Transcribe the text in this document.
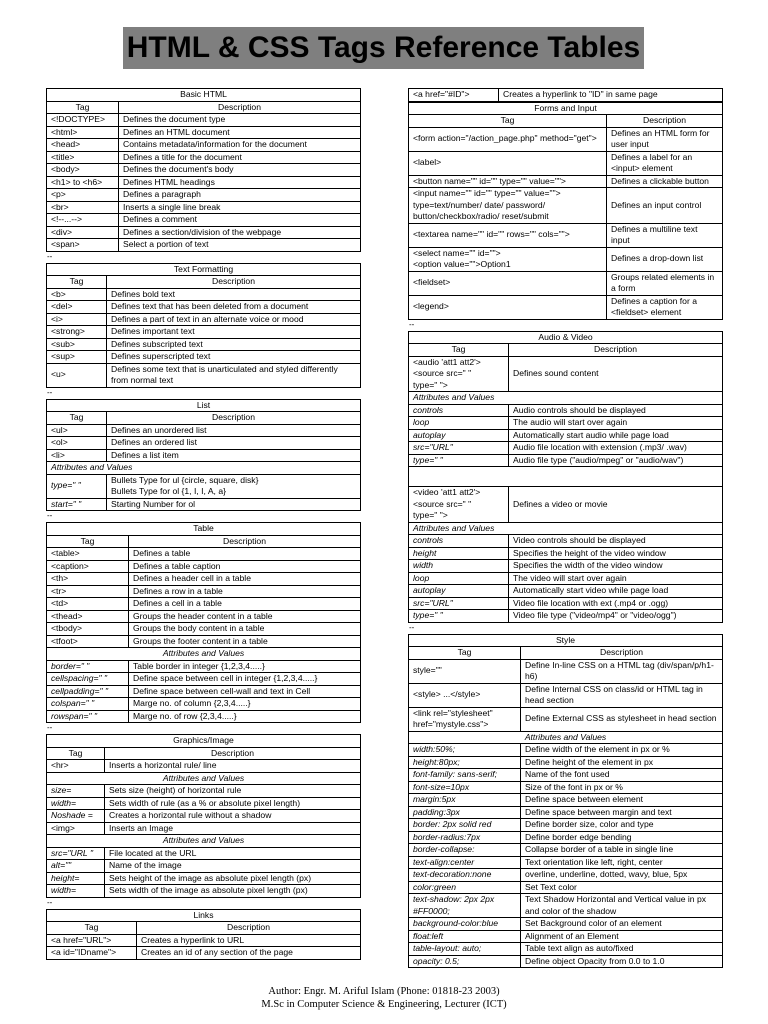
HTML & CSS Tags Reference Tables
Basic HTML	
Tag	Description
<!DOCTYPE>	Defines the document type
<html>	Defines an HTML document
<head>	Contains metadata/information for the document
<title>	Defines a title for the document
<body>	Defines the document's body
<h1> to <h6>	Defines HTML headings
<p>	Defines a paragraph
<br>	Inserts a single line break
<!--...-->	Defines a comment
<div>	Defines a section/division of the webpage
<span>	Select a portion of text
--
Text Formatting	
Tag	Description
<b>	Defines bold text
<del>	Defines text that has been deleted from a document
<i>	Defines a part of text in an alternate voice or mood
<strong>	Defines important text
<sub>	Defines subscripted text
<sup>	Defines superscripted text
<u>	Defines some text that is unarticulated and styled differently from normal text
--
List	
Tag	Description
<ul>	Defines an unordered list
<ol>	Defines an ordered list
<li>	Defines a list item
Attributes and Values	
type=" "	Bullets Type for ul {circle, square, disk}
Bullets Type for ol {1, I, I, A, a}
start=" "	Starting Number for ol
--
Table	
Tag	Description
<table>	Defines a table
<caption>	Defines a table caption
<th>	Defines a header cell in a table
<tr>	Defines a row in a table
<td>	Defines a cell in a table
<thead>	Groups the header content in a table
<tbody>	Groups the body content in a table
<tfoot>	Groups the footer content in a table
Attributes and Values	
border=" "	Table border in integer {1,2,3,4.....}
cellspacing=" "	Define space between cell in integer {1,2,3,4.....}
cellpadding=" "	Define space between cell-wall and text in Cell
colspan=" "	Marge no. of column {2,3,4.....}
rowspan=" "	Marge no. of row {2,3,4.....}
--
Graphics/Image	
Tag	Description
<hr>	Inserts a horizontal rule/ line
Attributes and Values	
size=	Sets size (height) of horizontal rule
width=	Sets width of rule (as a % or absolute pixel length)
Noshade =	Creates a horizontal rule without a shadow
<img>	Inserts an Image
Attributes and Values	
src="URL "	File located at the URL
alt=""	Name of the image
height=	Sets height of the image as absolute pixel length (px)
width=	Sets width of the image as absolute pixel length (px)
--
Links	
Tag	Description
<a href="URL">	Creates a hyperlink to URL
<a id="IDname">	Creates an id of any section of the page
<a href="#ID">	Creates a hyperlink to "ID" in same page
Forms and Input	
Tag	Description
<form action="/action_page.php" method="get">	Defines an HTML form for user input
<label>	Defines a label for an <input> element
<button name="" id="" type="" value="">	Defines a clickable button
<input name="" id="" type="" value="">
type=text/number/ date/ password/ button/checkbox/radio/ reset/submit	Defines an input control
<textarea name="" id="" rows="" cols="">	Defines a multiline text input
<select name="" id="">
<option value="">Option1	Defines a drop-down list
<fieldset>	Groups related elements in a form
<legend>	Defines a caption for a <fieldset> element
--
Audio & Video	
Tag	Description
<audio 'att1 att2'>
<source src=" "
type=" ">	Defines sound content
Attributes and Values	
controls	Audio controls should be displayed
loop	The audio will start over again
autoplay	Automatically start audio while page load
src="URL"	Audio file location with extension (.mp3/ .wav)
type=" "	Audio file type ("audio/mpeg" or "audio/wav")

<video 'att1 att2'>
<source src=" "
type=" ">	Defines a video or movie
Attributes and Values	
controls	Video controls should be displayed
height	Specifies the height of the video window
width	Specifies the width of the video window
loop	The video will start over again
autoplay	Automatically start video while page load
src="URL"	Video file location with ext (.mp4 or .ogg)
type=" "	Video file type ("video/mp4" or "video/ogg")
--
Style	
Tag	Description
style=""	Define In-line CSS on a HTML tag (div/span/p/h1-h6)
<style> ...</style>	Define Internal CSS on class/id or HTML tag in head section
<link rel="stylesheet" href="mystyle.css">	Define External CSS as stylesheet in head section
Attributes and Values	
width:50%;	Define width of the element in px or %
height:80px;	Define height of the element in px
font-family: sans-serif;	Name of the font used
font-size=10px	Size of the font in px or %
margin:5px	Define space between element
padding:3px	Define space between margin and text
border: 2px solid red	Define border size, color and type
border-radius:7px	Define border edge bending
border-collapse:	Collapse border of a table in single line
text-align:center	Text orientation like left, right, center
text-decoration:none	overline, underline, dotted, wavy, blue, 5px
color:green	Set Text color
text-shadow: 2px 2px #FF0000;	Text Shadow Horizontal and Vertical value in px and color of the shadow
background-color:blue	Set Background color of an element
float:left	Alignment of an Element
table-layout: auto;	Table text align as auto/fixed
opacity: 0.5;	Define object Opacity from 0.0 to 1.0
Author: Engr. M. Ariful Islam (Phone: 01818-23 2003)
M.Sc in Computer Science & Engineering, Lecturer (ICT)
